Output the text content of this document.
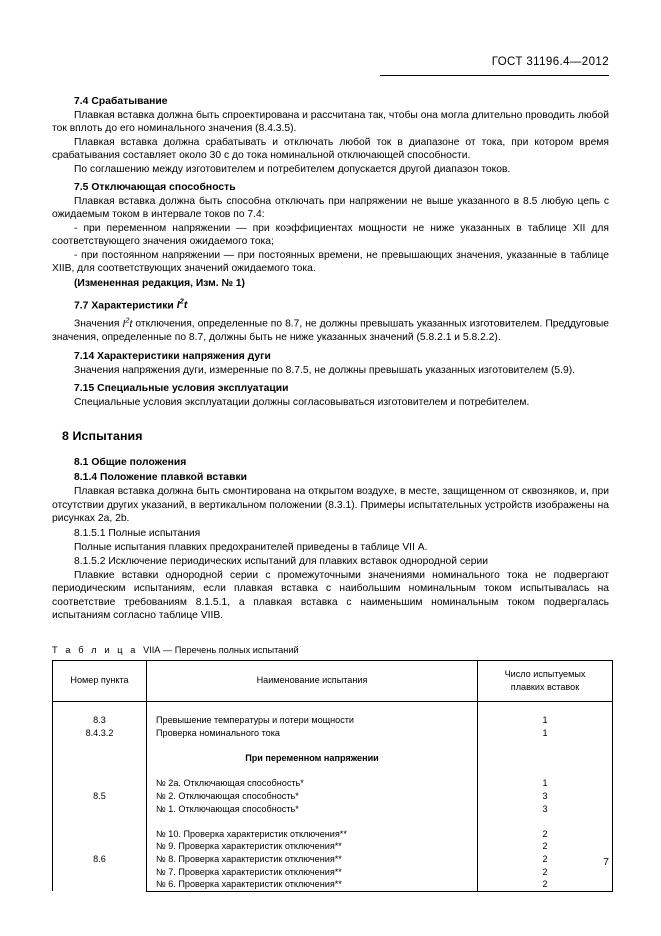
ГОСТ 31196.4—2012
7.4 Срабатывание

Плавкая вставка должна быть спроектирована и рассчитана так, чтобы она могла длительно проводить любой ток вплоть до его номинального значения (8.4.3.5).

Плавкая вставка должна срабатывать и отключать любой ток в диапазоне от тока, при котором время срабатывания составляет около 30 с до тока номинальной отключающей способности.

По соглашению между изготовителем и потребителем допускается другой диапазон токов.

7.5 Отключающая способность

Плавкая вставка должна быть способна отключать при напряжении не выше указанного в 8.5 любую цепь с ожидаемым током в интервале токов по 7.4:

- при переменном напряжении — при коэффициентах мощности не ниже указанных в таблице XII для соответствующего значения ожидаемого тока;

- при постоянном напряжении — при постоянных времени, не превышающих значения, указанные в таблице XIIВ, для соответствующих значений ожидаемого тока.

(Измененная редакция, Изм. № 1)

7.7 Характеристики $I^2t$

Значения $I^2t$ отключения, определенные по 8.7, не должны превышать указанных изготовителем. Преддуговые значения, определенные по 8.7, должны быть не ниже указанных значений (5.8.2.1 и 5.8.2.2).

7.14 Характеристики напряжения дуги

Значения напряжения дуги, измеренные по 8.7.5, не должны превышать указанных изготовителем (5.9).

7.15 Специальные условия эксплуатации

Специальные условия эксплуатации должны согласовываться изготовителем и потребителем.

8 Испытания
8.1 Общие положения
8.1.4 Положение плавкой вставки

Плавкая вставка должна быть смонтирована на открытом воздухе, в месте, защищенном от сквозняков, и, при отсутствии других указаний, в вертикальном положении (8.3.1). Примеры испытательных устройств изображены на рисунках 2а, 2b.

8.1.5.1 Полные испытания

Полные испытания плавких предохранителей приведены в таблице VII А.

8.1.5.2 Исключение периодических испытаний для плавких вставок однородной серии

Плавкие вставки однородной серии с промежуточными значениями номинального тока не подвергают периодическим испытаниям, если плавкая вставка с наибольшим номинальным током испытывалась на соответствие требованиям 8.1.5.1, а плавкая вставка с наименьшим номинальным током подвергалась испытаниям согласно таблице VIIВ.

Т а б л и ц а VIIА — Перечень полных испытаний
Номер пункта	Наименование испытания	Число испытуемых
плавких вставок

8.3	Превышение температуры и потери мощности	1
8.4.3.2	Проверка номинального тока	1

	При переменном напряжении	

8.5	№ 2а. Отключающая способность*	1
	№ 2. Отключающая способность*	3
	№ 1. Отключающая способность*	3

8.6	№ 10. Проверка характеристик отключения**	2
	№ 9. Проверка характеристик отключения**	2
	№ 8. Проверка характеристик отключения**	2
	№ 7. Проверка характеристик отключения**	2
	№ 6. Проверка характеристик отключения**	2
7
